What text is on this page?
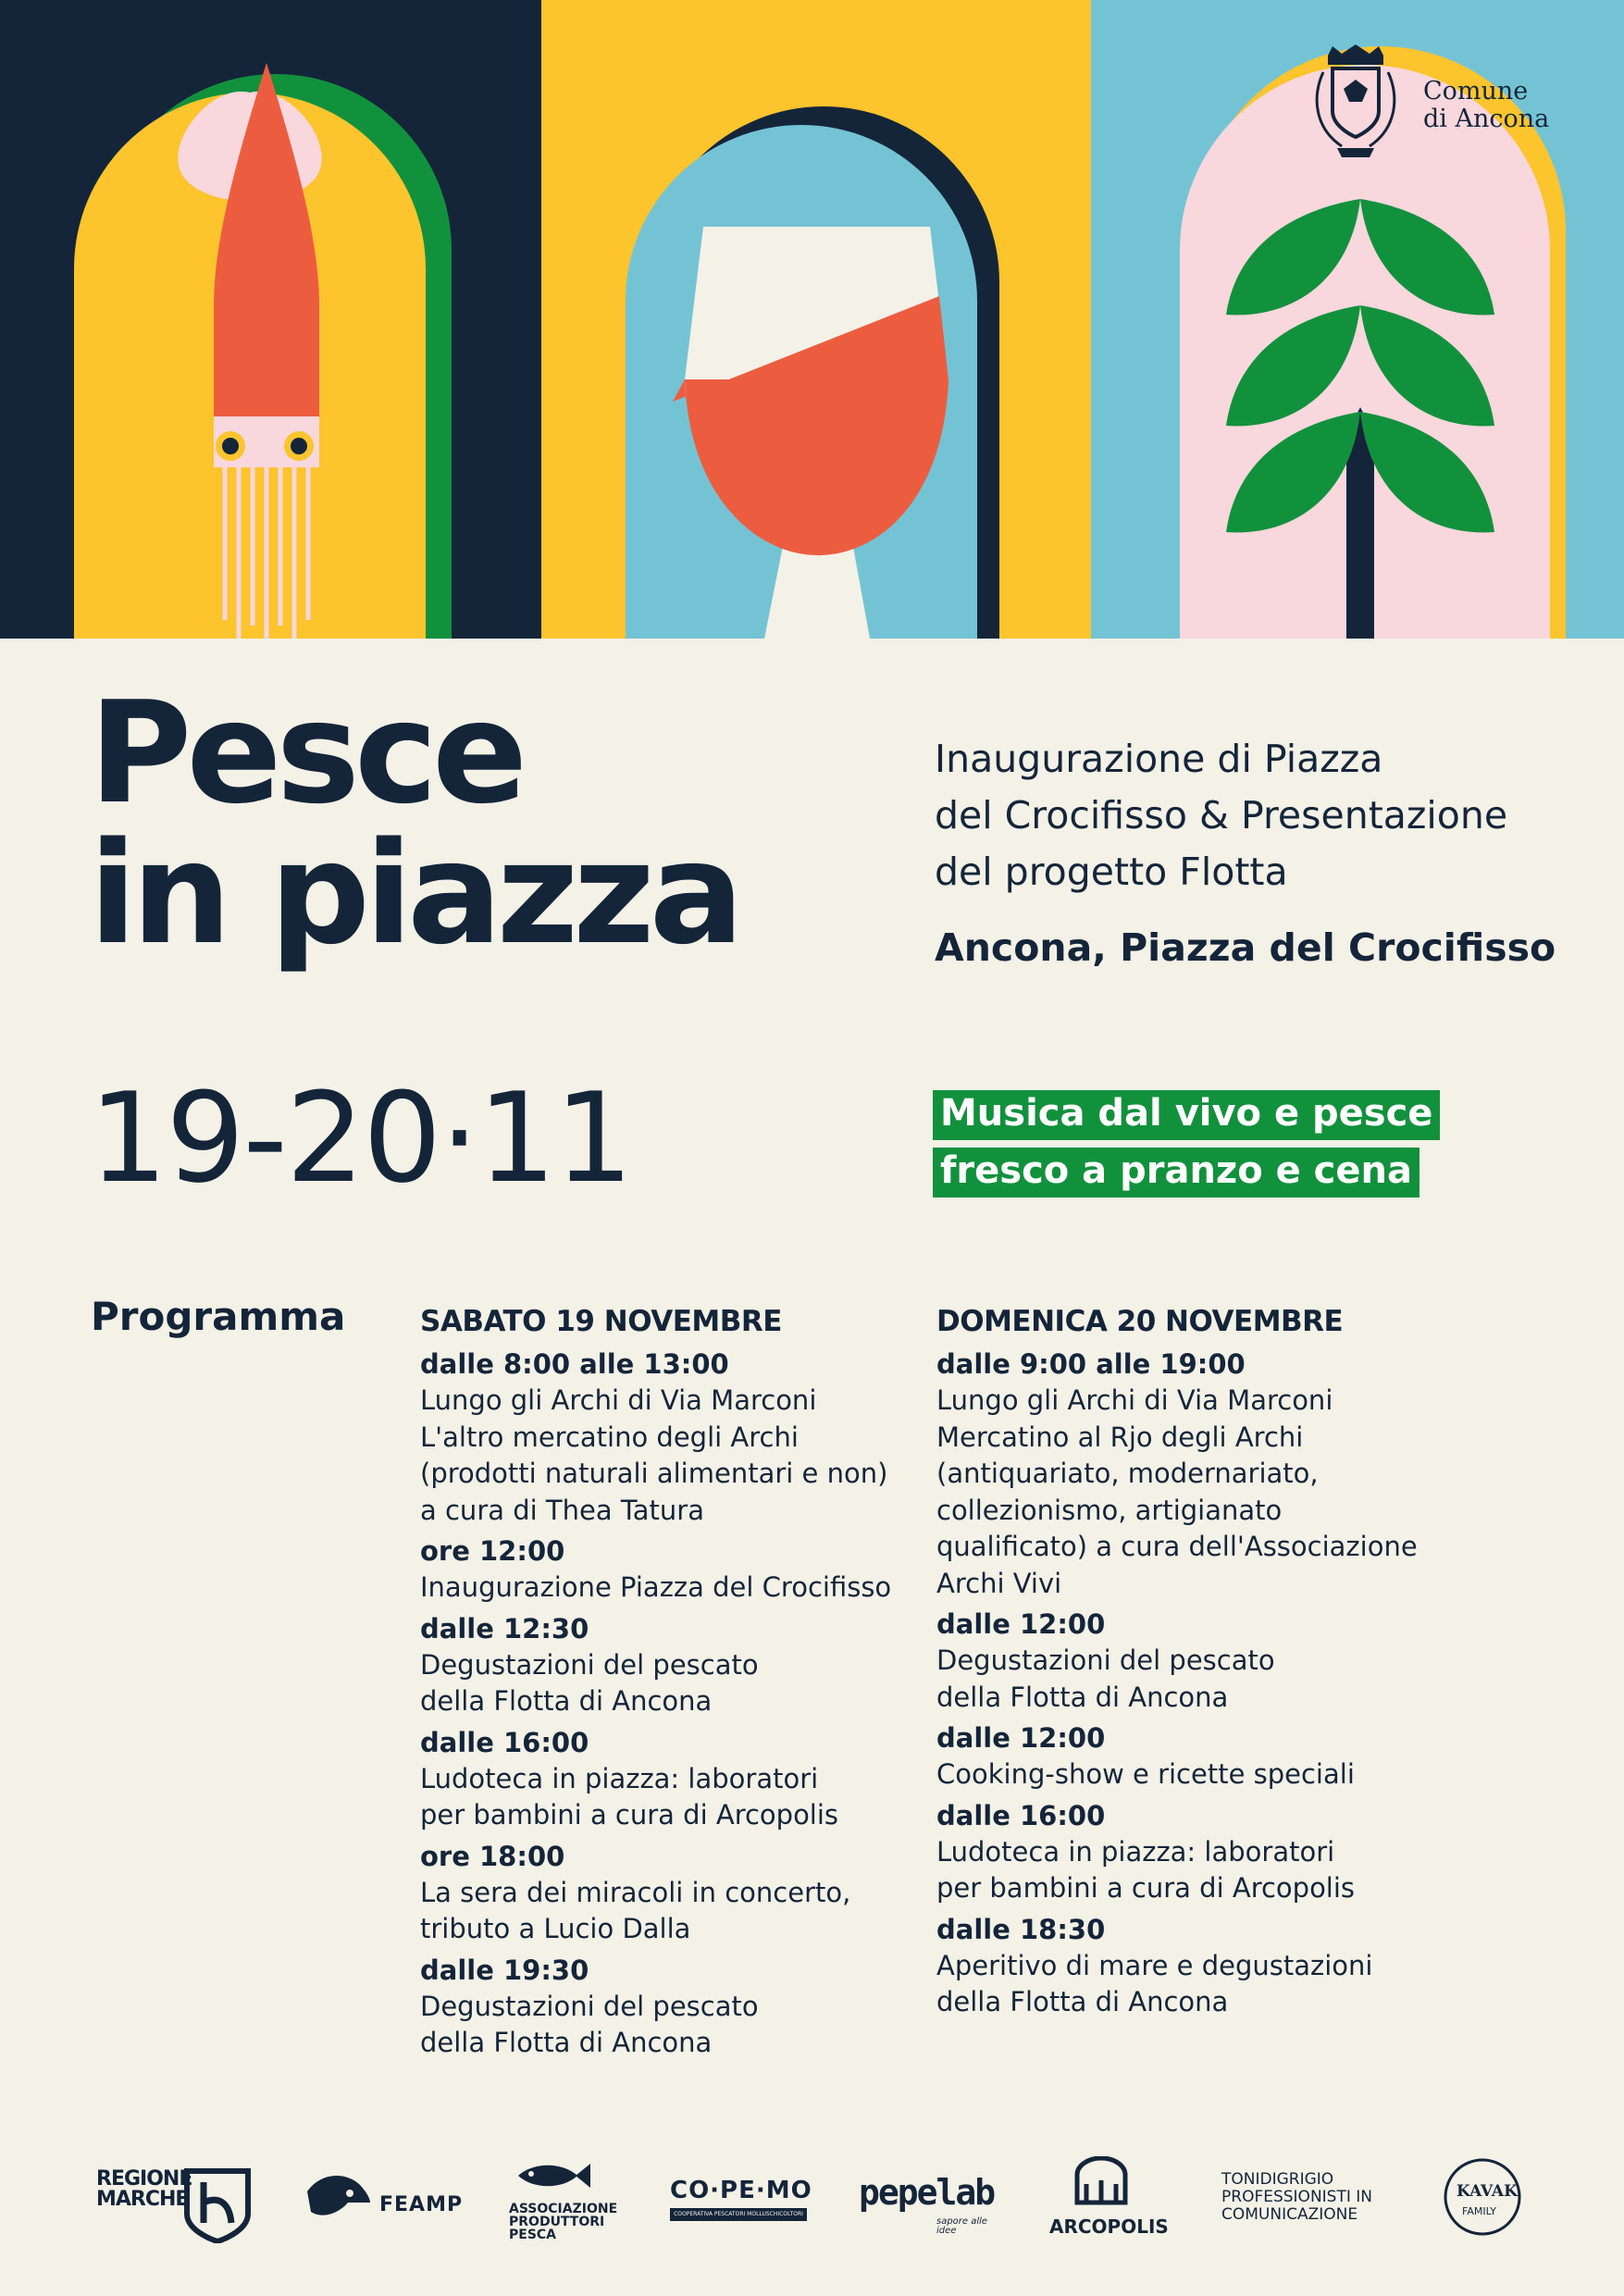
Comune
di Ancona
Pesce
in piazza
Inaugurazione di Piazza
del Crocifisso & Presentazione
del progetto Flotta
Ancona, Piazza del Crocifisso
19-20·11	Musica dal vivo e pesce fresco a pranzo e cena
Programma	SABATO 19 NOVEMBRE
dalle 8:00 alle 13:00
Lungo gli Archi di Via Marconi
L'altro mercatino degli Archi
(prodotti naturali alimentari e non)
a cura di Thea Tatura
ore 12:00
Inaugurazione Piazza del Crocifisso
dalle 12:30
Degustazioni del pescato
della Flotta di Ancona
dalle 16:00
Ludoteca in piazza: laboratori
per bambini a cura di Arcopolis
ore 18:00
La sera dei miracoli in concerto,
tributo a Lucio Dalla
dalle 19:30
Degustazioni del pescato
della Flotta di Ancona
DOMENICA 20 NOVEMBRE
dalle 9:00 alle 19:00
Lungo gli Archi di Via Marconi
Mercatino al Rjo degli Archi
(antiquariato, modernariato,
collezionismo, artigianato
qualificato) a cura dell'Associazione
Archi Vivi
dalle 12:00
Degustazioni del pescato
della Flotta di Ancona
dalle 12:00
Cooking-show e ricette speciali
dalle 16:00
Ludoteca in piazza: laboratori
per bambini a cura di Arcopolis
dalle 18:30
Aperitivo di mare e degustazioni
della Flotta di Ancona
REGIONE
MARCHE	FEAMP	ASSOCIAZIONE
PRODUTTORI PESCA
CO·PE·MO
COOPERATIVA PESCATORI MOLLUSCHICOLTORI
pepelab
sapore alle idee	ARCOPOLIS
TONIDIGRIGIO
PROFESSIONISTI IN
COMUNICAZIONE
KAVAK
FAMILY
